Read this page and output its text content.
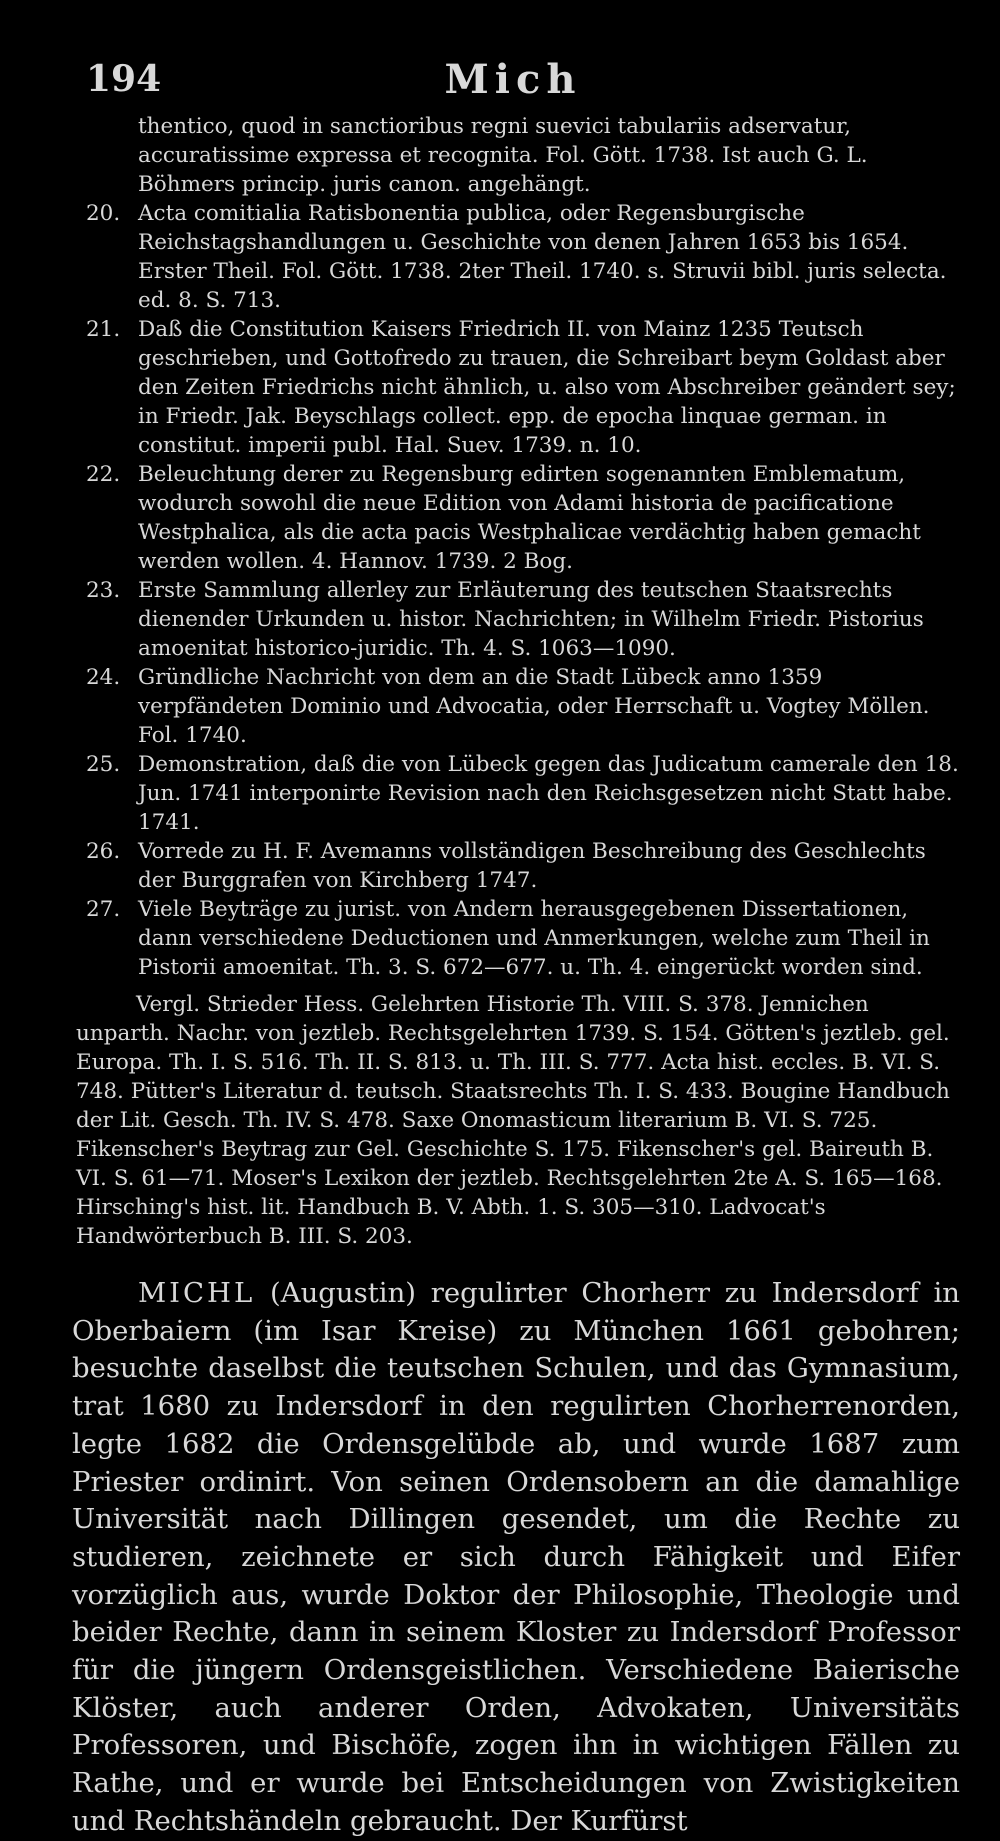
194	Mich
thentico, quod in sanctioribus regni suevici tabulariis adservatur, accuratissime expressa et recognita. Fol. Gött. 1738. Ist auch G. L. Böhmers princip. juris canon. angehängt.
20. Acta comitialia Ratisbonentia publica, oder Regensburgische Reichstagshandlungen u. Geschichte von denen Jahren 1653 bis 1654. Erster Theil. Fol. Gött. 1738. 2ter Theil. 1740. s. Struvii bibl. juris selecta. ed. 8. S. 713.
21. Daß die Constitution Kaisers Friedrich II. von Mainz 1235 Teutsch geschrieben, und Gottofredo zu trauen, die Schreibart beym Goldast aber den Zeiten Friedrichs nicht ähnlich, u. also vom Abschreiber geändert sey; in Friedr. Jak. Beyschlags collect. epp. de epocha linquae german. in constitut. imperii publ. Hal. Suev. 1739. n. 10.
22. Beleuchtung derer zu Regensburg edirten sogenannten Emblematum, wodurch sowohl die neue Edition von Adami historia de pacificatione Westphalica, als die acta pacis Westphalicae verdächtig haben gemacht werden wollen. 4. Hannov. 1739. 2 Bog.
23. Erste Sammlung allerley zur Erläuterung des teutschen Staatsrechts dienender Urkunden u. histor. Nachrichten; in Wilhelm Friedr. Pistorius amoenitat historico-juridic. Th. 4. S. 1063—1090.
24. Gründliche Nachricht von dem an die Stadt Lübeck anno 1359 verpfändeten Dominio und Advocatia, oder Herrschaft u. Vogtey Möllen. Fol. 1740.
25. Demonstration, daß die von Lübeck gegen das Judicatum camerale den 18. Jun. 1741 interponirte Revision nach den Reichsgesetzen nicht Statt habe. 1741.
26. Vorrede zu H. F. Avemanns vollständigen Beschreibung des Geschlechts der Burggrafen von Kirchberg 1747.
27. Viele Beyträge zu jurist. von Andern herausgegebenen Dissertationen, dann verschiedene Deductionen und Anmerkungen, welche zum Theil in Pistorii amoenitat. Th. 3. S. 672—677. u. Th. 4. eingerückt worden sind.
Vergl. Strieder Hess. Gelehrten Historie Th. VIII. S. 378. Jennichen unparth. Nachr. von jeztleb. Rechtsgelehrten 1739. S. 154. Götten's jeztleb. gel. Europa. Th. I. S. 516. Th. II. S. 813. u. Th. III. S. 777. Acta hist. eccles. B. VI. S. 748. Pütter's Literatur d. teutsch. Staatsrechts Th. I. S. 433. Bougine Handbuch der Lit. Gesch. Th. IV. S. 478. Saxe Onomasticum literarium B. VI. S. 725. Fikenscher's Beytrag zur Gel. Geschichte S. 175. Fikenscher's gel. Baireuth B. VI. S. 61—71. Moser's Lexikon der jeztleb. Rechtsgelehrten 2te A. S. 165—168. Hirsching's hist. lit. Handbuch B. V. Abth. 1. S. 305—310. Ladvocat's Handwörterbuch B. III. S. 203.
MICHL (Augustin) regulirter Chorherr zu Indersdorf in Oberbaiern (im Isar Kreise) zu München 1661 gebohren; besuchte daselbst die teutschen Schulen, und das Gymnasium, trat 1680 zu Indersdorf in den regulirten Chorherrenorden, legte 1682 die Ordensgelübde ab, und wurde 1687 zum Priester ordinirt. Von seinen Ordensobern an die damahlige Universität nach Dillingen gesendet, um die Rechte zu studieren, zeichnete er sich durch Fähigkeit und Eifer vorzüglich aus, wurde Doktor der Philosophie, Theologie und beider Rechte, dann in seinem Kloster zu Indersdorf Professor für die jüngern Ordensgeistlichen. Verschiedene Baierische Klöster, auch anderer Orden, Advokaten, Universitäts Professoren, und Bischöfe, zogen ihn in wichtigen Fällen zu Rathe, und er wurde bei Entscheidungen von Zwistigkeiten und Rechtshändeln gebraucht. Der Kurfürst
